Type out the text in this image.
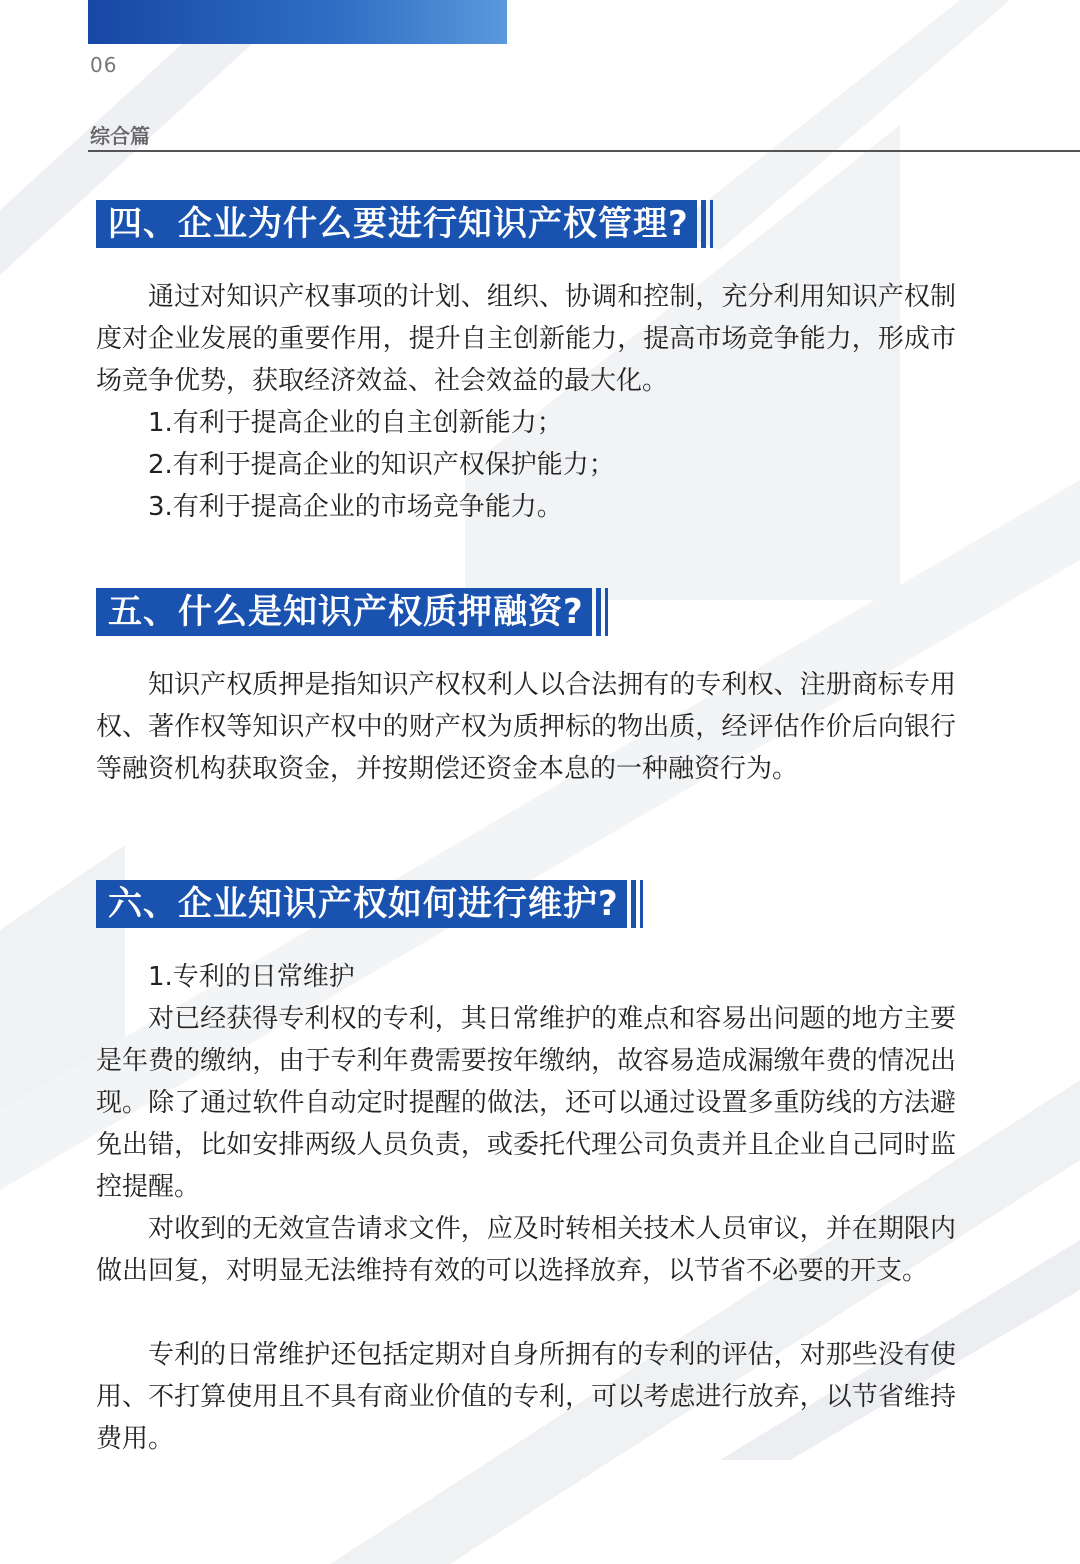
06
综合篇
四、企业为什么要进行知识产权管理?

通过对知识产权事项的计划、组织、协调和控制，充分利用知识产权制度对企业发展的重要作用，提升自主创新能力，提高市场竞争能力，形成市场竞争优势，获取经济效益、社会效益的最大化。

1.有利于提高企业的自主创新能力；

2.有利于提高企业的知识产权保护能力；

3.有利于提高企业的市场竞争能力。

五、什么是知识产权质押融资?

知识产权质押是指知识产权权利人以合法拥有的专利权、注册商标专用权、著作权等知识产权中的财产权为质押标的物出质，经评估作价后向银行等融资机构获取资金，并按期偿还资金本息的一种融资行为。

六、企业知识产权如何进行维护?

1.专利的日常维护

对已经获得专利权的专利，其日常维护的难点和容易出问题的地方主要是年费的缴纳，由于专利年费需要按年缴纳，故容易造成漏缴年费的情况出现。除了通过软件自动定时提醒的做法，还可以通过设置多重防线的方法避免出错，比如安排两级人员负责，或委托代理公司负责并且企业自己同时监控提醒。

对收到的无效宣告请求文件，应及时转相关技术人员审议，并在期限内做出回复，对明显无法维持有效的可以选择放弃，以节省不必要的开支。

专利的日常维护还包括定期对自身所拥有的专利的评估，对那些没有使用、不打算使用且不具有商业价值的专利，可以考虑进行放弃，以节省维持费用。
